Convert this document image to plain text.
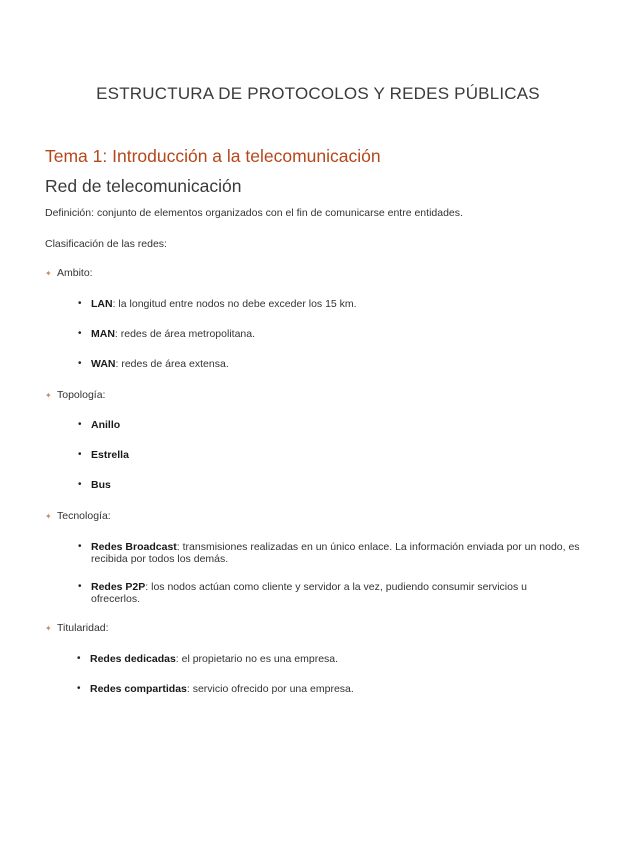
ESTRUCTURA DE PROTOCOLOS Y REDES PÚBLICAS
Tema 1: Introducción a la telecomunicación
Red de telecomunicación
Definición: conjunto de elementos organizados con el fin de comunicarse entre entidades.
Clasificación de las redes:
✦ Ambito:
• LAN: la longitud entre nodos no debe exceder los 15 km.
• MAN: redes de área metropolitana.
• WAN: redes de área extensa.
✦ Topología:
• Anillo
• Estrella
• Bus
✦ Tecnología:
• Redes Broadcast: transmisiones realizadas en un único enlace. La información enviada por un nodo, es recibida por todos los demás.
• Redes P2P: los nodos actúan como cliente y servidor a la vez, pudiendo consumir servicios u ofrecerlos.
✦ Titularidad:
• Redes dedicadas: el propietario no es una empresa.
• Redes compartidas: servicio ofrecido por una empresa.
